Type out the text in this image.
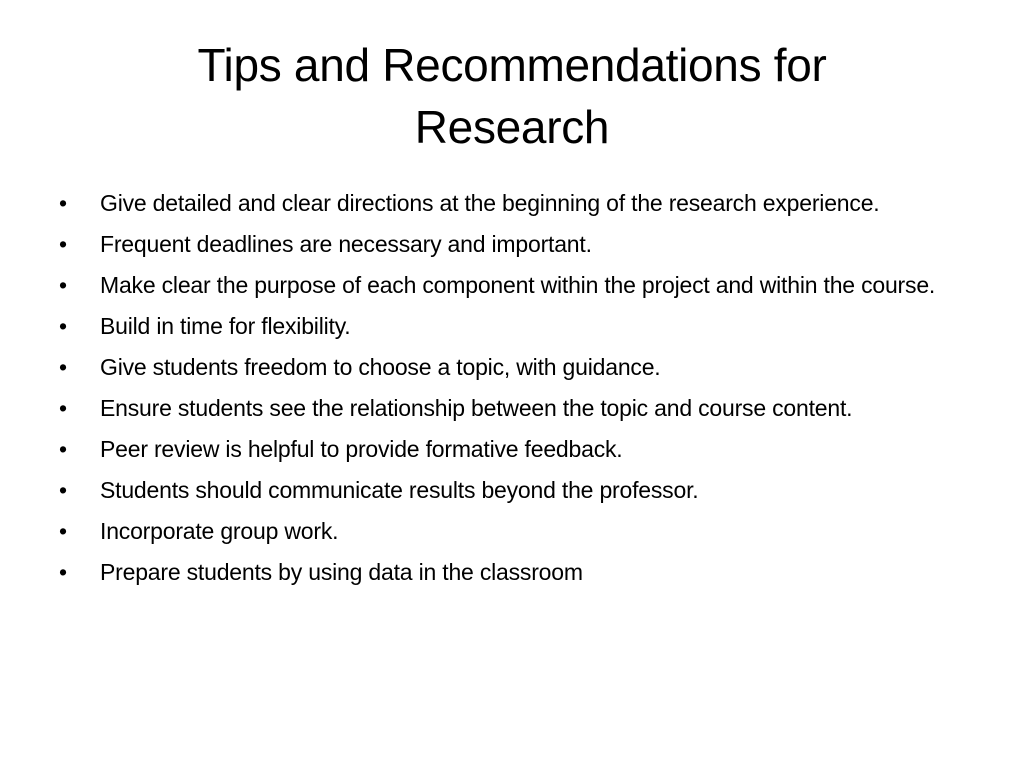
Tips and Recommendations for Research
•	Give detailed and clear directions at the beginning of the research experience.
•	Frequent deadlines are necessary and important.
•	Make clear the purpose of each component within the project and within the course.
•	Build in time for flexibility.
•	Give students freedom to choose a topic, with guidance.
•	Ensure students see the relationship between the topic and course content.
•	Peer review is helpful to provide formative feedback.
•	Students should communicate results beyond the professor.
•	Incorporate group work.
•	Prepare students by using data in the classroom
